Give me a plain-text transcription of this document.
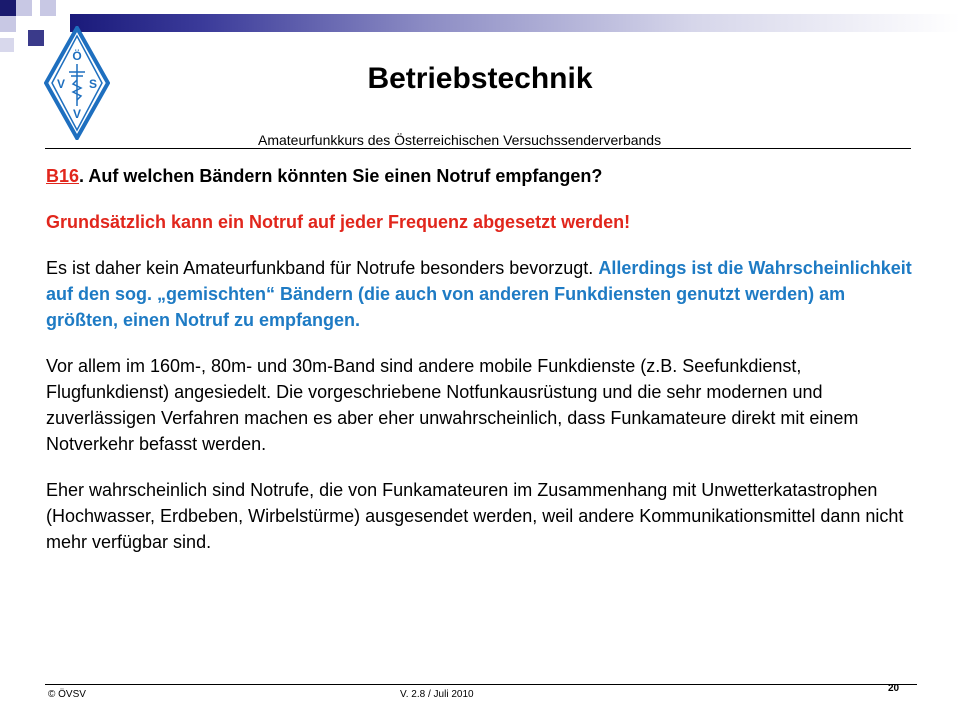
Ö
V S
V
Betriebstechnik
Amateurfunkkurs des Österreichischen Versuchssenderverbands

B16. Auf welchen Bändern könnten Sie einen Notruf empfangen?

Grundsätzlich kann ein Notruf auf jeder Frequenz abgesetzt werden!

Es ist daher kein Amateurfunkband für Notrufe besonders bevorzugt. Allerdings ist die Wahrscheinlichkeit auf den sog. „gemischten“ Bändern (die auch von anderen Funkdiensten genutzt werden) am größten, einen Notruf zu empfangen.

Vor allem im 160m-, 80m- und 30m-Band sind andere mobile Funkdienste (z.B. Seefunkdienst, Flugfunkdienst) angesiedelt. Die vorgeschriebene Notfunkausrüstung und die sehr modernen und zuverlässigen Verfahren machen es aber eher unwahrscheinlich, dass Funkamateure direkt mit einem Notverkehr befasst werden.

Eher wahrscheinlich sind Notrufe, die von Funkamateuren im Zusammenhang mit Unwetterkatastrophen (Hochwasser, Erdbeben, Wirbelstürme) ausgesendet werden, weil andere Kommunikationsmittel dann nicht mehr verfügbar sind.

© ÖVSV	V. 2.8 / Juli 2010
20
